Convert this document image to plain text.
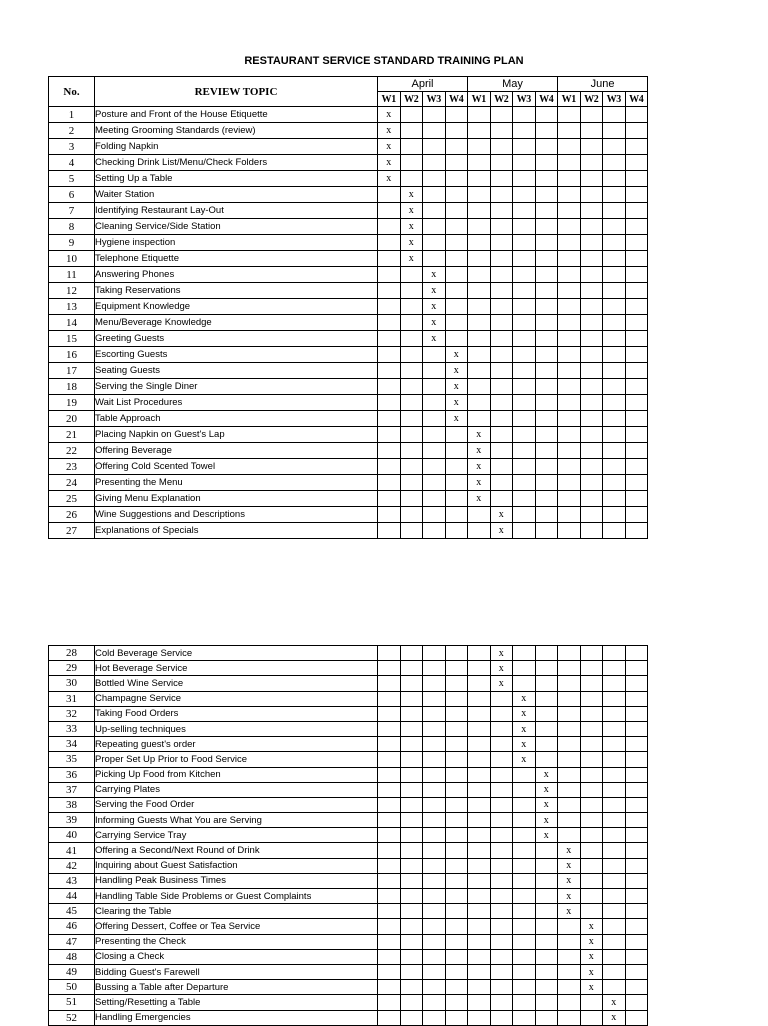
RESTAURANT SERVICE STANDARD TRAINING PLAN
No.	REVIEW TOPIC	April				May				June			
		W1	W2	W3	W4	W1	W2	W3	W4	W1	W2	W3	W4
1	Posture and Front of the House Etiquette	x											
2	Meeting Grooming Standards (review)	x											
3	Folding Napkin	x											
4	Checking Drink List/Menu/Check Folders	x											
5	Setting Up a Table	x											
6	Waiter Station		x										
7	Identifying Restaurant Lay-Out		x										
8	Cleaning Service/Side Station		x										
9	Hygiene inspection		x										
10	Telephone Etiquette		x										
11	Answering Phones			x									
12	Taking Reservations			x									
13	Equipment Knowledge			x									
14	Menu/Beverage Knowledge			x									
15	Greeting Guests			x									
16	Escorting Guests				x								
17	Seating Guests				x								
18	Serving the Single Diner				x								
19	Wait List Procedures				x								
20	Table Approach				x								
21	Placing Napkin on Guest's Lap					x							
22	Offering Beverage					x							
23	Offering Cold Scented Towel					x							
24	Presenting the Menu					x							
25	Giving Menu Explanation					x							
26	Wine Suggestions and Descriptions						x						
27	Explanations of Specials						x						
28	Cold Beverage Service						x						
29	Hot Beverage Service						x						
30	Bottled Wine Service						x						
31	Champagne Service							x					
32	Taking Food Orders							x					
33	Up-selling techniques							x					
34	Repeating guest's order							x					
35	Proper Set Up Prior to Food Service							x					
36	Picking Up Food from Kitchen								x				
37	Carrying Plates								x				
38	Serving the Food Order								x				
39	Informing Guests What You are Serving								x				
40	Carrying Service Tray								x				
41	Offering a Second/Next Round of Drink									x			
42	Inquiring about Guest Satisfaction									x			
43	Handling Peak Business Times									x			
44	Handling Table Side Problems or Guest Complaints									x			
45	Clearing the Table									x			
46	Offering Dessert, Coffee or Tea Service										x		
47	Presenting the Check										x		
48	Closing a Check										x		
49	Bidding Guest's Farewell										x		
50	Bussing a Table after Departure										x		
51	Setting/Resetting a Table											x	
52	Handling Emergencies											x	
